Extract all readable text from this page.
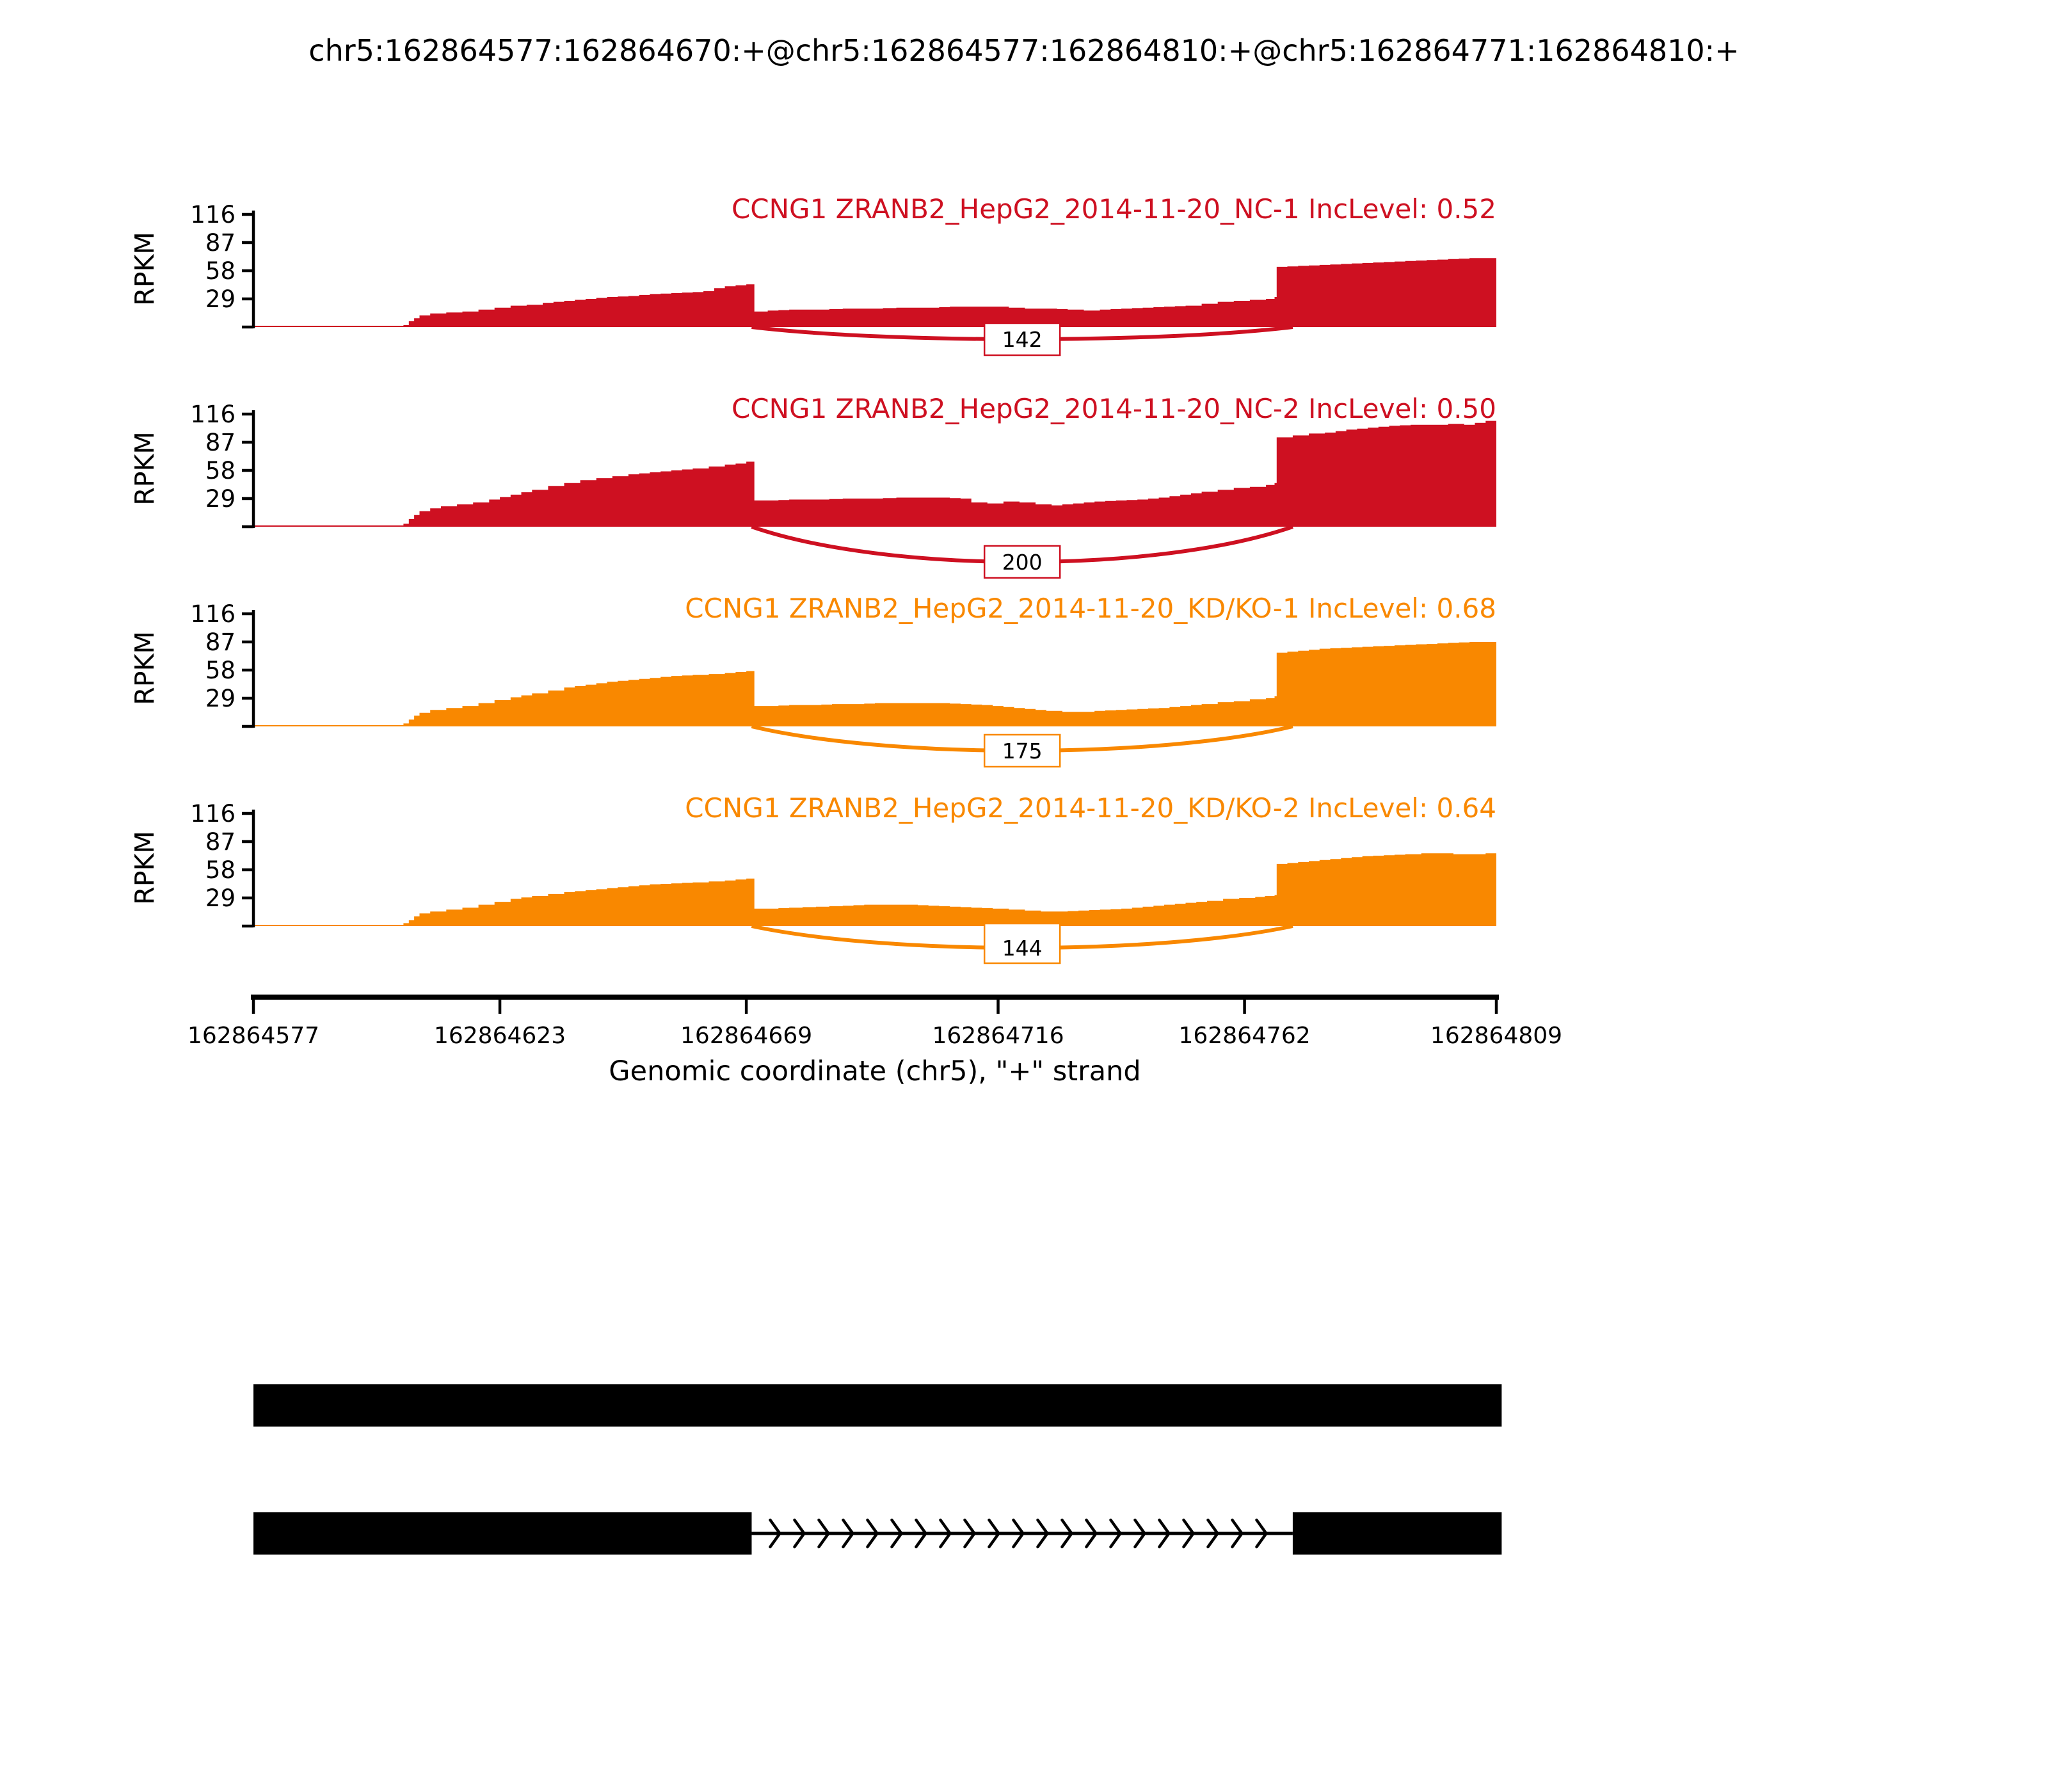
chr5:162864577:162864670:+@chr5:162864577:162864810:+@chr5:162864771:162864810:+
142
29
58
87
116
RPKM
CCNG1 ZRANB2_HepG2_2014-11-20_NC-1 IncLevel: 0.52
200
29
58
87
116
RPKM
CCNG1 ZRANB2_HepG2_2014-11-20_NC-2 IncLevel: 0.50
175
29
58
87
116
RPKM
CCNG1 ZRANB2_HepG2_2014-11-20_KD/KO-1 IncLevel: 0.68
144
29
58
87
116
RPKM
CCNG1 ZRANB2_HepG2_2014-11-20_KD/KO-2 IncLevel: 0.64
162864577	162864623	162864669	162864716	162864762	162864809
Genomic coordinate (chr5), "+" strand
